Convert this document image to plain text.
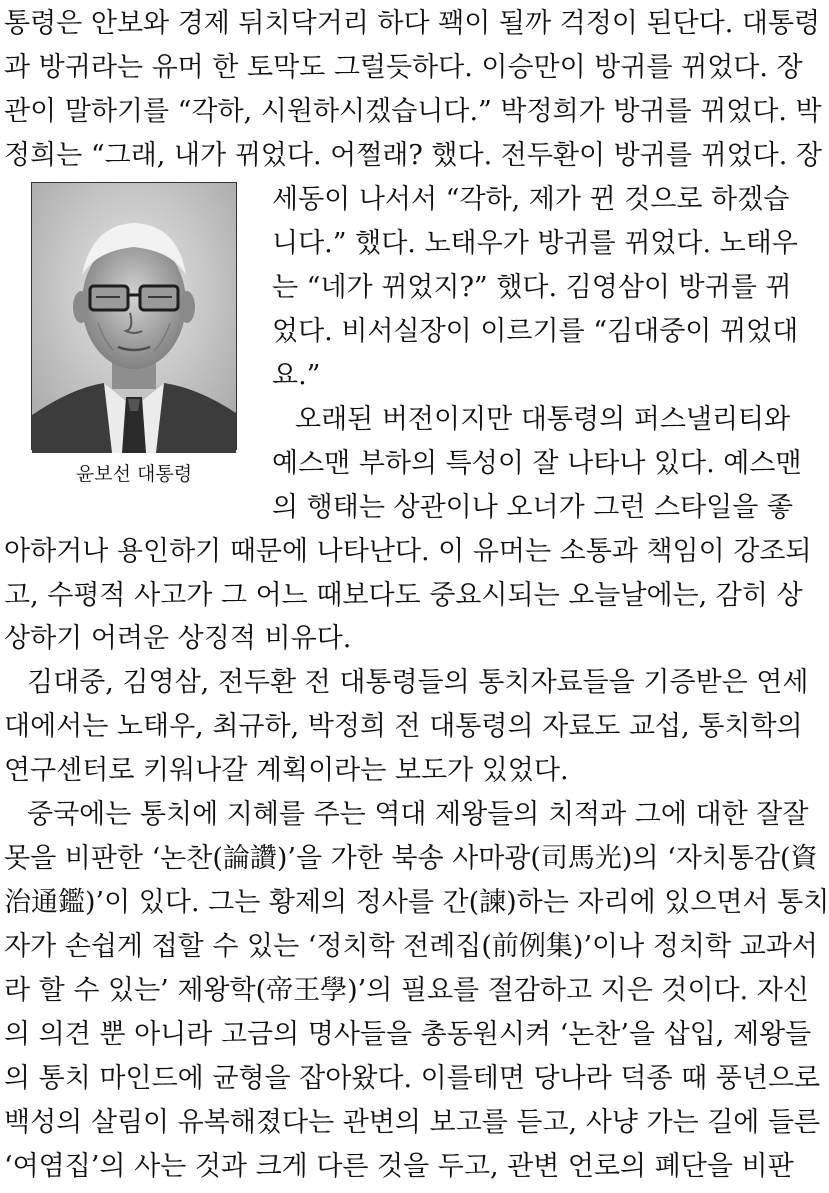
통령은 안보와 경제 뒤치닥거리 하다 꽥이 될까 걱정이 된단다. 대통령
과 방귀라는 유머 한 토막도 그럴듯하다. 이승만이 방귀를 뀌었다. 장
관이 말하기를 “각하, 시원하시겠습니다.” 박정희가 방귀를 뀌었다. 박
정희는 “그래, 내가 뀌었다. 어쩔래? 했다. 전두환이 방귀를 뀌었다. 장
윤보선 대통령
세동이 나서서 “각하, 제가 뀐 것으로 하겠습
니다.” 했다. 노태우가 방귀를 뀌었다. 노태우
는 “네가 뀌었지?” 했다. 김영삼이 방귀를 뀌
었다. 비서실장이 이르기를 “김대중이 뀌었대
요.”
오래된 버전이지만 대통령의 퍼스낼리티와
예스맨 부하의 특성이 잘 나타나 있다. 예스맨
의 행태는 상관이나 오너가 그런 스타일을 좋
아하거나 용인하기 때문에 나타난다. 이 유머는 소통과 책임이 강조되
고, 수평적 사고가 그 어느 때보다도 중요시되는 오늘날에는, 감히 상
상하기 어려운 상징적 비유다.
김대중, 김영삼, 전두환 전 대통령들의 통치자료들을 기증받은 연세
대에서는 노태우, 최규하, 박정희 전 대통령의 자료도 교섭, 통치학의
연구센터로 키워나갈 계획이라는 보도가 있었다.
중국에는 통치에 지혜를 주는 역대 제왕들의 치적과 그에 대한 잘잘
못을 비판한 ‘논찬(論讚)’을 가한 북송 사마광(司馬光)의 ‘자치통감(資
治通鑑)’이 있다. 그는 황제의 정사를 간(諫)하는 자리에 있으면서 통치
자가 손쉽게 접할 수 있는 ‘정치학 전례집(前例集)’이나 정치학 교과서
라 할 수 있는’ 제왕학(帝王學)’의 필요를 절감하고 지은 것이다. 자신
의 의견 뿐 아니라 고금의 명사들을 총동원시켜 ‘논찬’을 삽입, 제왕들
의 통치 마인드에 균형을 잡아왔다. 이를테면 당나라 덕종 때 풍년으로
백성의 살림이 유복해졌다는 관변의 보고를 듣고, 사냥 가는 길에 들른
‘여염집’의 사는 것과 크게 다른 것을 두고, 관변 언로의 폐단을 비판
